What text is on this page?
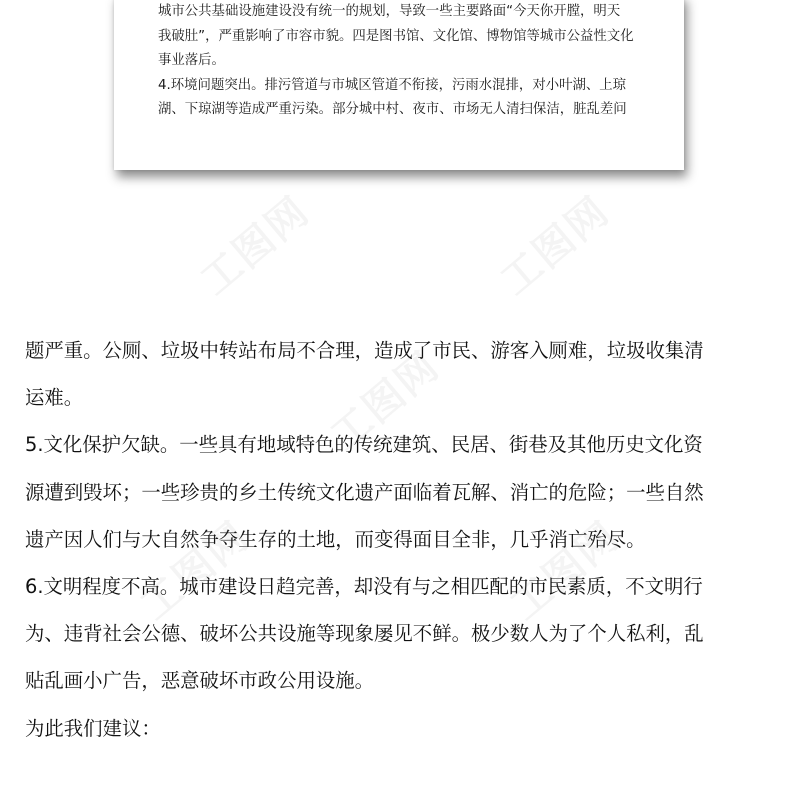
城市公共基础设施建设没有统一的规划，导致一些主要路面“今天你开膛，明天
我破肚”，严重影响了市容市貌。四是图书馆、文化馆、博物馆等城市公益性文化
事业落后。
4.环境问题突出。排污管道与市城区管道不衔接，污雨水混排，对小叶湖、上琼
湖、下琼湖等造成严重污染。部分城中村、夜市、市场无人清扫保洁，脏乱差问

题严重。公厕、垃圾中转站布局不合理，造成了市民、游客入厕难，垃圾收集清
运难。
5.文化保护欠缺。一些具有地域特色的传统建筑、民居、街巷及其他历史文化资
源遭到毁坏；一些珍贵的乡土传统文化遗产面临着瓦解、消亡的危险；一些自然
遗产因人们与大自然争夺生存的土地，而变得面目全非，几乎消亡殆尽。
6.文明程度不高。城市建设日趋完善，却没有与之相匹配的市民素质，不文明行
为、违背社会公德、破坏公共设施等现象屡见不鲜。极少数人为了个人私利，乱
贴乱画小广告，恶意破坏市政公用设施。
为此我们建议：

工图网	工图网
工图网
工图网	工图网
